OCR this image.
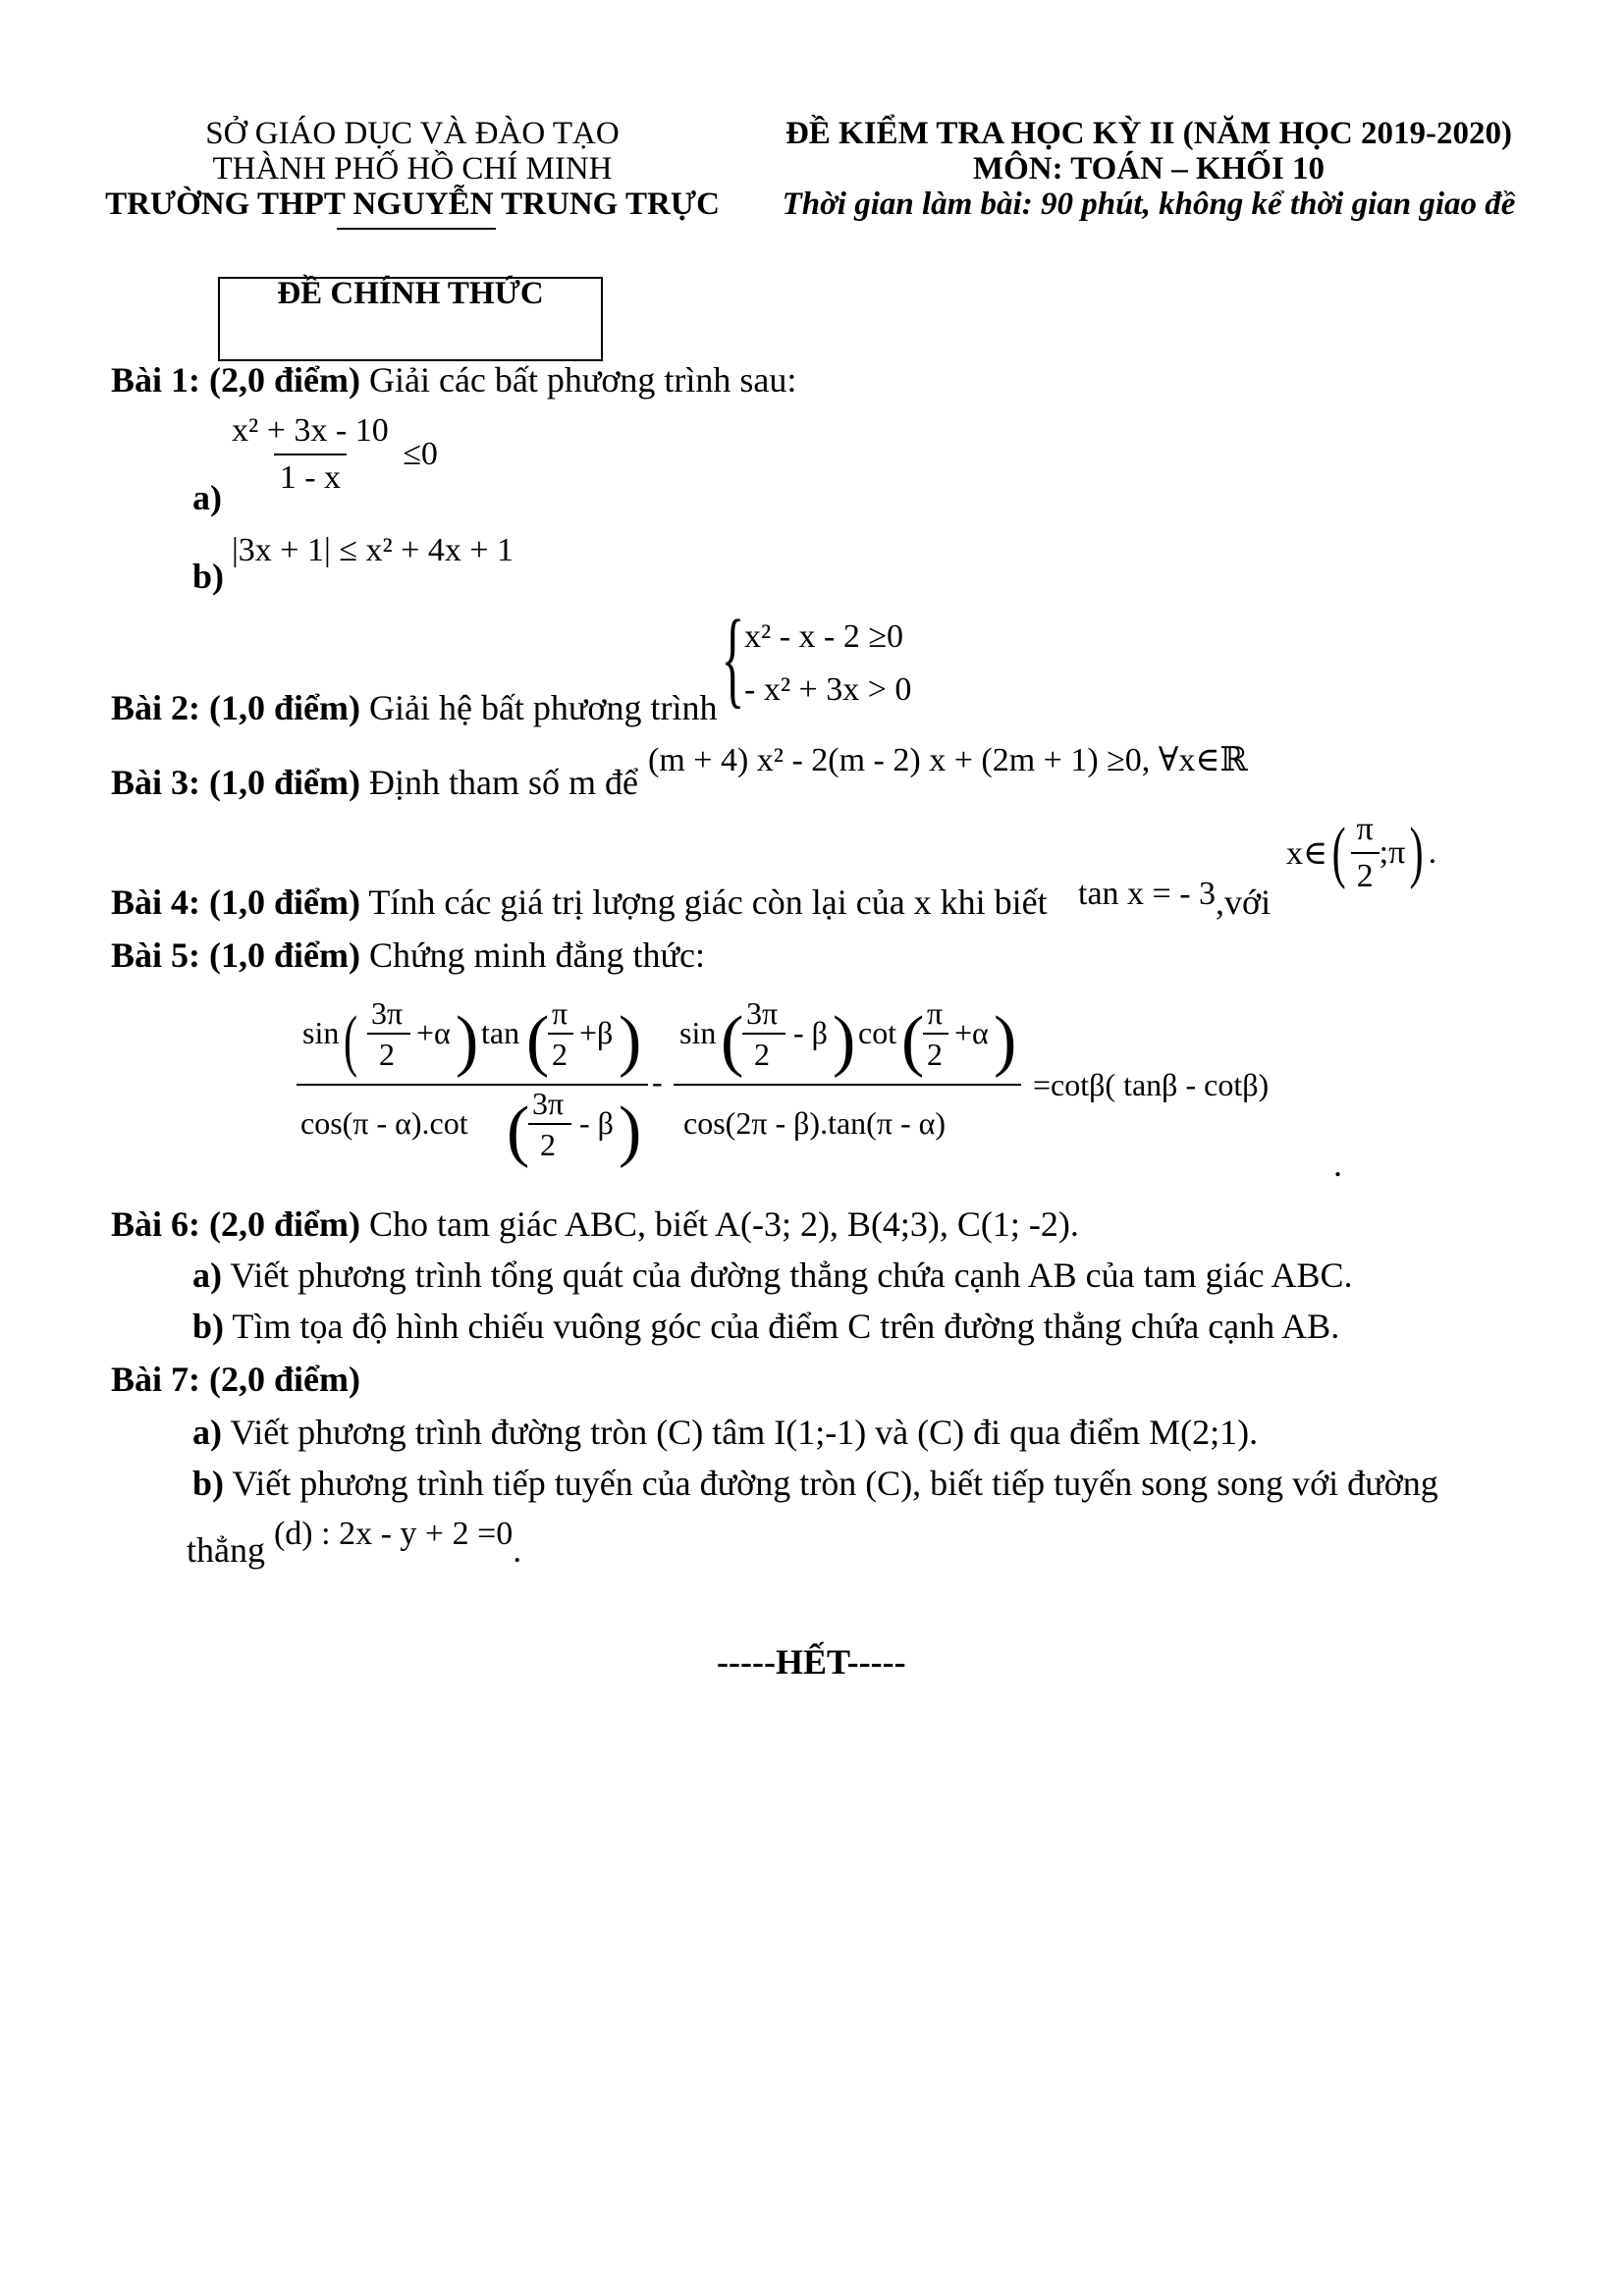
SỞ GIÁO DỤC VÀ ĐÀO TẠO
THÀNH PHỐ HỒ CHÍ MINH
TRƯỜNG THPT NGUYỄN TRUNG TRỰC
ĐỀ KIỂM TRA HỌC KỲ II (NĂM HỌC 2019-2020)
MÔN: TOÁN – KHỐI 10
Thời gian làm bài: 90 phút, không kể thời gian giao đề
ĐỀ CHÍNH THỨC
Bài 1: (2,0 điểm) Giải các bất phương trình sau:
a)
$\frac{\text{x² + 3x - 10}}{1 - x} \le 0$
b)
|3x + 1| ≤ x² + 4x + 1
Bài 2: (1,0 điểm) Giải hệ bất phương trình { x² - x - 2 ≥0
- x² + 3x > 0
Bài 3: (1,0 điểm) Định tham số m để
(m + 4) x² - 2(m - 2) x + (2m + 1) ≥0, ∀x∈ℝ
Bài 4: (1,0 điểm) Tính các giá trị lượng giác còn lại của x khi biết tan x = - 3,với
x∈( $\frac{\pi}{2}$ ;π) .
Bài 5: (1,0 điểm) Chứng minh đẳng thức:
sin ( 3π
2
+α ) tan ( π
2
+β )
cos(π - α).cot ( 3π
2
- β )
-
sin ( 3π
2
- β ) cot ( π
2
+α )
cos(2π - β).tan(π - α)
=cotβ( tanβ - cotβ)
.
Bài 6: (2,0 điểm) Cho tam giác ABC, biết A(-3; 2), B(4;3), C(1; -2).
a) Viết phương trình tổng quát của đường thẳng chứa cạnh AB của tam giác ABC.
b) Tìm tọa độ hình chiếu vuông góc của điểm C trên đường thẳng chứa cạnh AB.
Bài 7: (2,0 điểm)
a) Viết phương trình đường tròn (C) tâm I(1;-1) và (C) đi qua điểm M(2;1).
b) Viết phương trình tiếp tuyến của đường tròn (C), biết tiếp tuyến song song với đường
thẳng (d) : 2x - y + 2 =0.
-----HẾT-----
